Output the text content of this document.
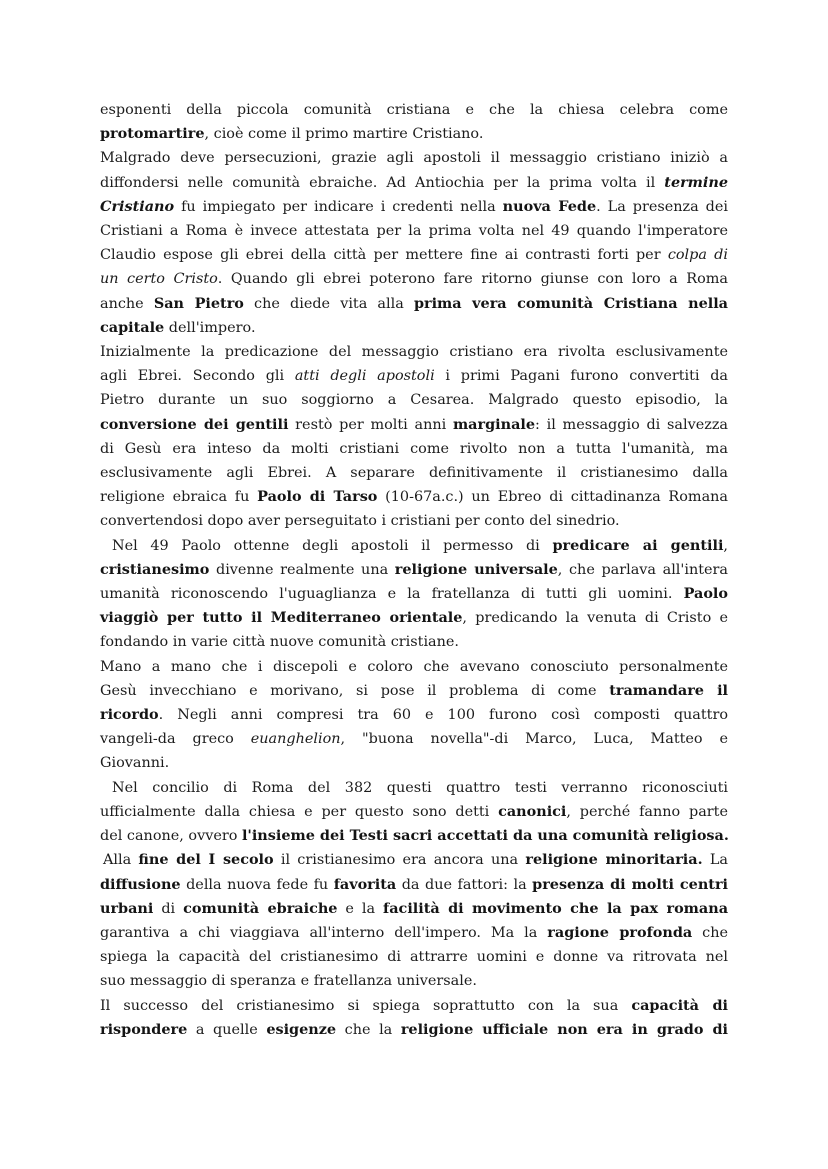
esponenti della piccola comunità cristiana e che la chiesa celebra come
protomartire, cioè come il primo martire Cristiano.
Malgrado deve persecuzioni, grazie agli apostoli il messaggio cristiano iniziò a
diffondersi nelle comunità ebraiche. Ad Antiochia per la prima volta il termine
Cristiano fu impiegato per indicare i credenti nella nuova Fede. La presenza dei
Cristiani a Roma è invece attestata per la prima volta nel 49 quando l'imperatore
Claudio espose gli ebrei della città per mettere fine ai contrasti forti per colpa di
un certo Cristo. Quando gli ebrei poterono fare ritorno giunse con loro a Roma
anche San Pietro che diede vita alla prima vera comunità Cristiana nella
capitale dell'impero.
Inizialmente la predicazione del messaggio cristiano era rivolta esclusivamente
agli Ebrei. Secondo gli atti degli apostoli i primi Pagani furono convertiti da
Pietro durante un suo soggiorno a Cesarea. Malgrado questo episodio, la
conversione dei gentili restò per molti anni marginale: il messaggio di salvezza
di Gesù era inteso da molti cristiani come rivolto non a tutta l'umanità, ma
esclusivamente agli Ebrei. A separare definitivamente il cristianesimo dalla
religione ebraica fu Paolo di Tarso (10-67a.c.) un Ebreo di cittadinanza Romana
convertendosi dopo aver perseguitato i cristiani per conto del sinedrio.
Nel 49 Paolo ottenne degli apostoli il permesso di predicare ai gentili,
cristianesimo divenne realmente una religione universale, che parlava all'intera
umanità riconoscendo l'uguaglianza e la fratellanza di tutti gli uomini. Paolo
viaggiò per tutto il Mediterraneo orientale, predicando la venuta di Cristo e
fondando in varie città nuove comunità cristiane.
Mano a mano che i discepoli e coloro che avevano conosciuto personalmente
Gesù invecchiano e morivano, si pose il problema di come tramandare il
ricordo. Negli anni compresi tra 60 e 100 furono così composti quattro
vangeli-da greco euanghelion, "buona novella"-di Marco, Luca, Matteo e
Giovanni.
Nel concilio di Roma del 382 questi quattro testi verranno riconosciuti
ufficialmente dalla chiesa e per questo sono detti canonici, perché fanno parte
del canone, ovvero l'insieme dei Testi sacri accettati da una comunità religiosa.
Alla fine del I secolo il cristianesimo era ancora una religione minoritaria. La
diffusione della nuova fede fu favorita da due fattori: la presenza di molti centri
urbani di comunità ebraiche e la facilità di movimento che la pax romana
garantiva a chi viaggiava all'interno dell'impero. Ma la ragione profonda che
spiega la capacità del cristianesimo di attrarre uomini e donne va ritrovata nel
suo messaggio di speranza e fratellanza universale.
Il successo del cristianesimo si spiega soprattutto con la sua capacità di
rispondere a quelle esigenze che la religione ufficiale non era in grado di
